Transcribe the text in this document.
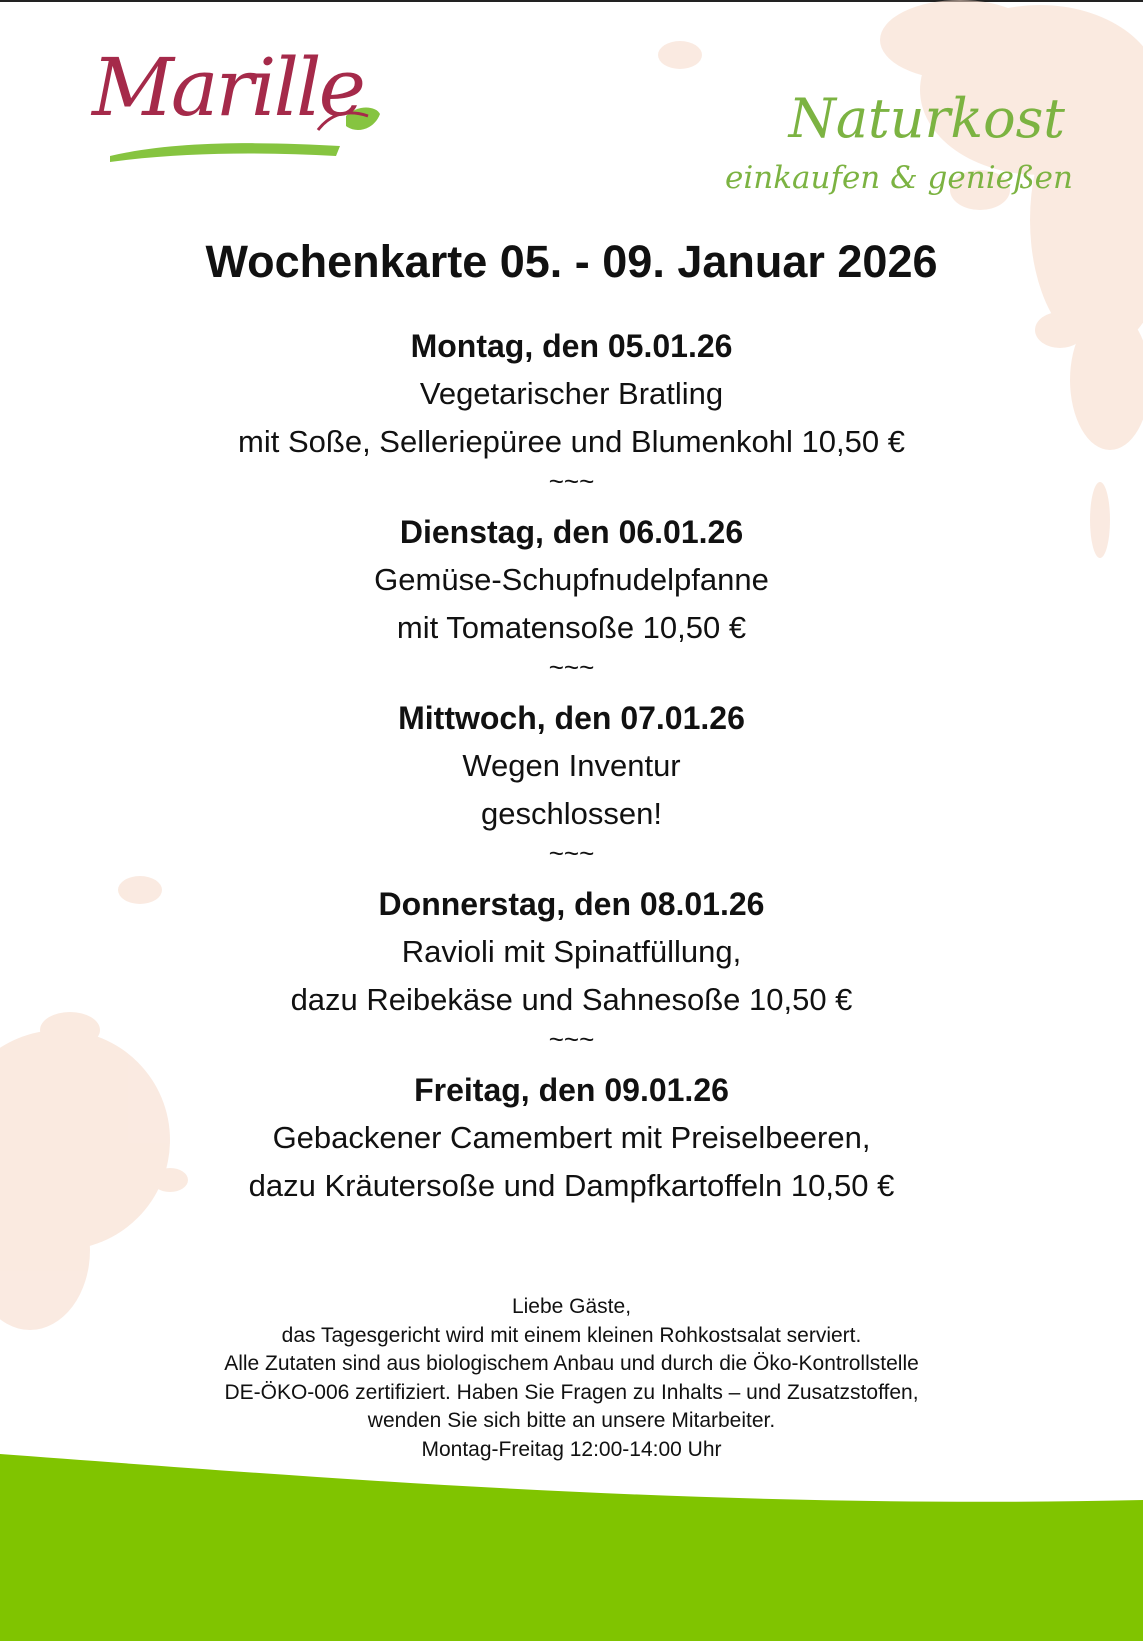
Marille	Naturkost
einkaufen & genießen
Wochenkarte 05. - 09. Januar 2026
Montag, den 05.01.26
Vegetarischer Bratling
mit Soße, Selleriepüree und Blumenkohl 10,50 €
~~~
Dienstag, den 06.01.26
Gemüse-Schupfnudelpfanne
mit Tomatensoße 10,50 €
~~~
Mittwoch, den 07.01.26
Wegen Inventur
geschlossen!
~~~
Donnerstag, den 08.01.26
Ravioli mit Spinatfüllung,
dazu Reibekäse und Sahnesoße 10,50 €
~~~
Freitag, den 09.01.26
Gebackener Camembert mit Preiselbeeren,
dazu Kräutersoße und Dampfkartoffeln 10,50 €
Liebe Gäste,
das Tagesgericht wird mit einem kleinen Rohkostsalat serviert.
Alle Zutaten sind aus biologischem Anbau und durch die Öko-Kontrollstelle
DE-ÖKO-006 zertifiziert. Haben Sie Fragen zu Inhalts – und Zusatzstoffen,
wenden Sie sich bitte an unsere Mitarbeiter.
Montag-Freitag 12:00-14:00 Uhr
